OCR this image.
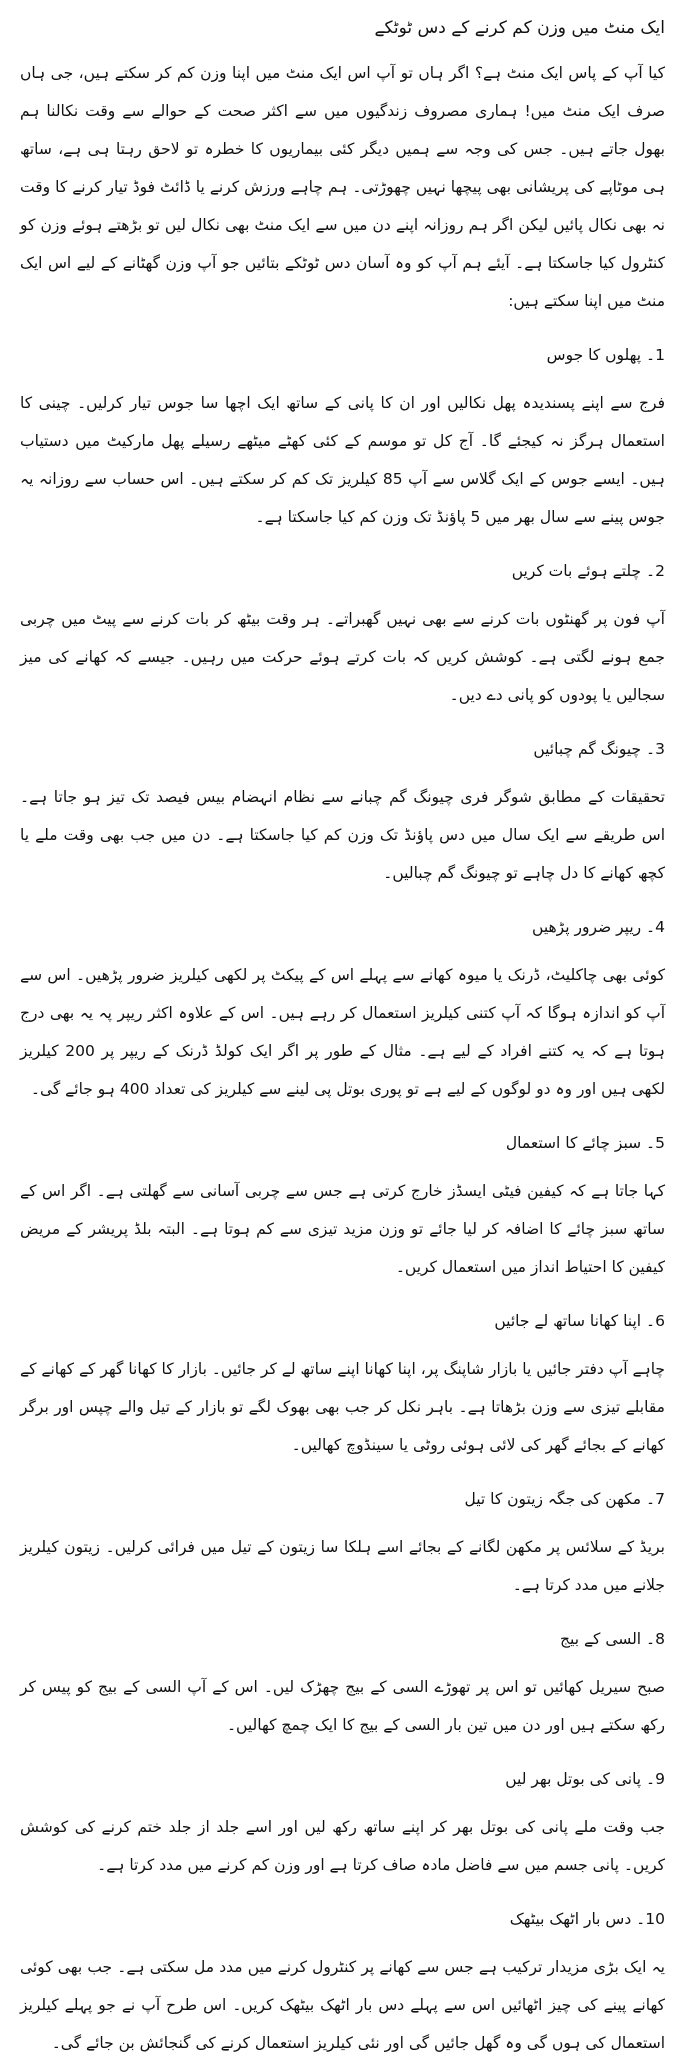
ایک منٹ میں وزن کم کرنے کے دس ٹوٹکے

کیا آپ کے پاس ایک منٹ ہے؟ اگر ہاں تو آپ اس ایک منٹ میں اپنا وزن کم کر سکتے ہیں، جی ہاں صرف ایک منٹ میں! ہماری مصروف زندگیوں میں سے اکثر صحت کے حوالے سے وقت نکالنا ہم بھول جاتے ہیں۔ جس کی وجہ سے ہمیں دیگر کئی بیماریوں کا خطرہ تو لاحق رہتا ہی ہے، ساتھ ہی موٹاپے کی پریشانی بھی پیچھا نہیں چھوڑتی۔ ہم چاہے ورزش کرنے یا ڈائٹ فوڈ تیار کرنے کا وقت نہ بھی نکال پائیں لیکن اگر ہم روزانہ اپنے دن میں سے ایک منٹ بھی نکال لیں تو بڑھتے ہوئے وزن کو کنٹرول کیا جاسکتا ہے۔ آیئے ہم آپ کو وہ آسان دس ٹوٹکے بتائیں جو آپ وزن گھٹانے کے لیے اس ایک منٹ میں اپنا سکتے ہیں:

1۔ پھلوں کا جوس

فرج سے اپنے پسندیدہ پھل نکالیں اور ان کا پانی کے ساتھ ایک اچھا سا جوس تیار کرلیں۔ چینی کا استعمال ہرگز نہ کیجئے گا۔ آج کل تو موسم کے کئی کھٹے میٹھے رسیلے پھل مارکیٹ میں دستیاب ہیں۔ ایسے جوس کے ایک گلاس سے آپ 85 کیلریز تک کم کر سکتے ہیں۔ اس حساب سے روزانہ یہ جوس پینے سے سال بھر میں 5 پاؤنڈ تک وزن کم کیا جاسکتا ہے۔

2۔ چلتے ہوئے بات کریں

آپ فون پر گھنٹوں بات کرنے سے بھی نہیں گھبراتے۔ ہر وقت بیٹھ کر بات کرنے سے پیٹ میں چربی جمع ہونے لگتی ہے۔ کوشش کریں کہ بات کرتے ہوئے حرکت میں رہیں۔ جیسے کہ کھانے کی میز سجالیں یا پودوں کو پانی دے دیں۔

3۔ چیونگ گم چبائیں

تحقیقات کے مطابق شوگر فری چیونگ گم چبانے سے نظام انہضام بیس فیصد تک تیز ہو جاتا ہے۔ اس طریقے سے ایک سال میں دس پاؤنڈ تک وزن کم کیا جاسکتا ہے۔ دن میں جب بھی وقت ملے یا کچھ کھانے کا دل چاہے تو چیونگ گم چبالیں۔

4۔ ریپر ضرور پڑھیں

کوئی بھی چاکلیٹ، ڈرنک یا میوہ کھانے سے پہلے اس کے پیکٹ پر لکھی کیلریز ضرور پڑھیں۔ اس سے آپ کو اندازہ ہوگا کہ آپ کتنی کیلریز استعمال کر رہے ہیں۔ اس کے علاوہ اکثر ریپر پہ یہ بھی درج ہوتا ہے کہ یہ کتنے افراد کے لیے ہے۔ مثال کے طور پر اگر ایک کولڈ ڈرنک کے ریپر پر 200 کیلریز لکھی ہیں اور وہ دو لوگوں کے لیے ہے تو پوری بوتل پی لینے سے کیلریز کی تعداد 400 ہو جائے گی۔

5۔ سبز چائے کا استعمال

کہا جاتا ہے کہ کیفین فیٹی ایسڈز خارج کرتی ہے جس سے چربی آسانی سے گھلتی ہے۔ اگر اس کے ساتھ سبز چائے کا اضافہ کر لیا جائے تو وزن مزید تیزی سے کم ہوتا ہے۔ البتہ بلڈ پریشر کے مریض کیفین کا احتیاط انداز میں استعمال کریں۔

6۔ اپنا کھانا ساتھ لے جائیں

چاہے آپ دفتر جائیں یا بازار شاپنگ پر، اپنا کھانا اپنے ساتھ لے کر جائیں۔ بازار کا کھانا گھر کے کھانے کے مقابلے تیزی سے وزن بڑھاتا ہے۔ باہر نکل کر جب بھی بھوک لگے تو بازار کے تیل والے چپس اور برگر کھانے کے بجائے گھر کی لائی ہوئی روٹی یا سینڈوچ کھالیں۔

7۔ مکھن کی جگہ زیتون کا تیل

بریڈ کے سلائس پر مکھن لگانے کے بجائے اسے ہلکا سا زیتون کے تیل میں فرائی کرلیں۔ زیتون کیلریز جلانے میں مدد کرتا ہے۔

8۔ السی کے بیج

صبح سیریل کھائیں تو اس پر تھوڑے السی کے بیج چھڑک لیں۔ اس کے آپ السی کے بیج کو پیس کر رکھ سکتے ہیں اور دن میں تین بار السی کے بیج کا ایک چمچ کھالیں۔

9۔ پانی کی بوتل بھر لیں

جب وقت ملے پانی کی بوتل بھر کر اپنے ساتھ رکھ لیں اور اسے جلد از جلد ختم کرنے کی کوشش کریں۔ پانی جسم میں سے فاضل مادہ صاف کرتا ہے اور وزن کم کرنے میں مدد کرتا ہے۔

10۔ دس بار اٹھک بیٹھک

یہ ایک بڑی مزیدار ترکیب ہے جس سے کھانے پر کنٹرول کرنے میں مدد مل سکتی ہے۔ جب بھی کوئی کھانے پینے کی چیز اٹھائیں اس سے پہلے دس بار اٹھک بیٹھک کریں۔ اس طرح آپ نے جو پہلے کیلریز استعمال کی ہوں گی وہ گھل جائیں گی اور نئی کیلریز استعمال کرنے کی گنجائش بن جائے گی۔
